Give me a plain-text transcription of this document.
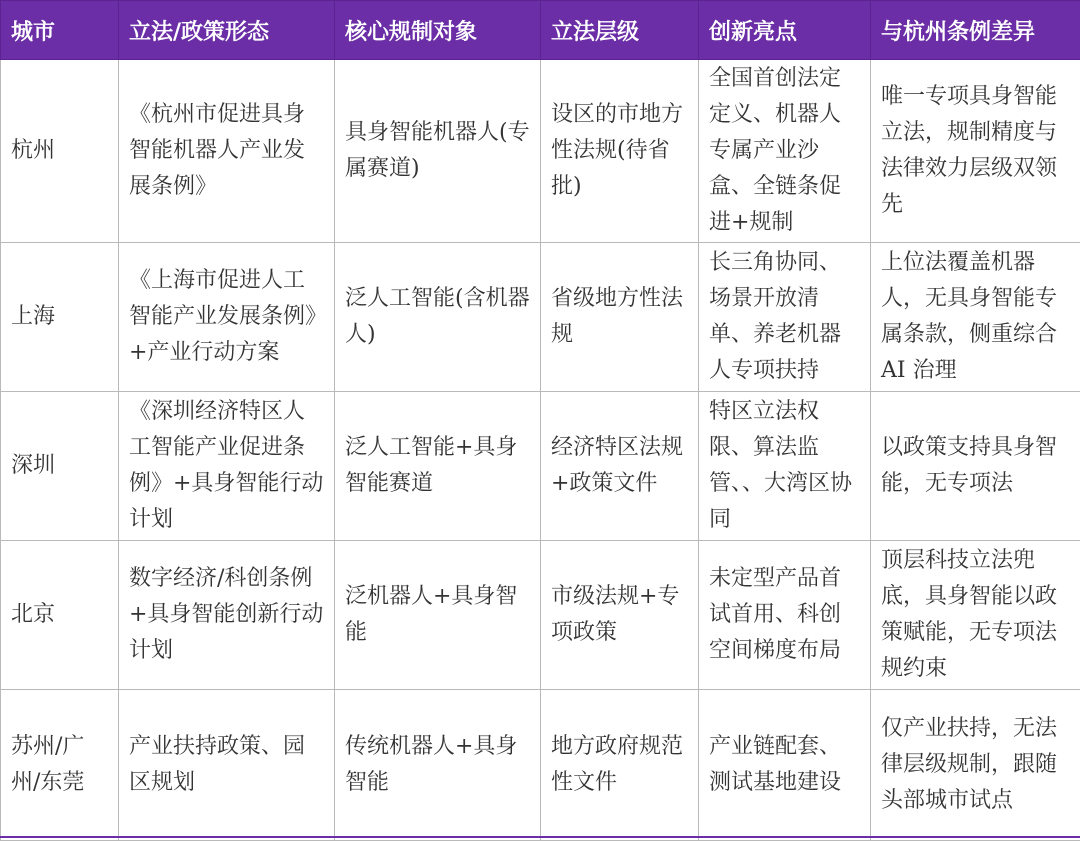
城市	立法/政策形态	核心规制对象	立法层级	创新亮点	与杭州条例差异
杭州	《杭州市促进具身智能机器人产业发展条例》	具身智能机器人(专属赛道)	设区的市地方性法规(待省批)	全国首创法定定义、机器人专属产业沙盒、全链条促进+规制	唯一专项具身智能立法，规制精度与法律效力层级双领先
上海	《上海市促进人工智能产业发展条例》+产业行动方案	泛人工智能(含机器人)	省级地方性法规	长三角协同、场景开放清单、养老机器人专项扶持	上位法覆盖机器人，无具身智能专属条款，侧重综合 AI 治理
深圳	《深圳经济特区人工智能产业促进条例》+具身智能行动计划	泛人工智能+具身智能赛道	经济特区法规+政策文件	特区立法权限、算法监管、、大湾区协同	以政策支持具身智能，无专项法
北京	数字经济/科创条例+具身智能创新行动计划	泛机器人+具身智能	市级法规+专项政策	未定型产品首试首用、科创空间梯度布局	顶层科技立法兜底，具身智能以政策赋能，无专项法规约束
苏州/广州/东莞	产业扶持政策、园区规划	传统机器人+具身智能	地方政府规范性文件	产业链配套、测试基地建设	仅产业扶持，无法律层级规制，跟随头部城市试点
